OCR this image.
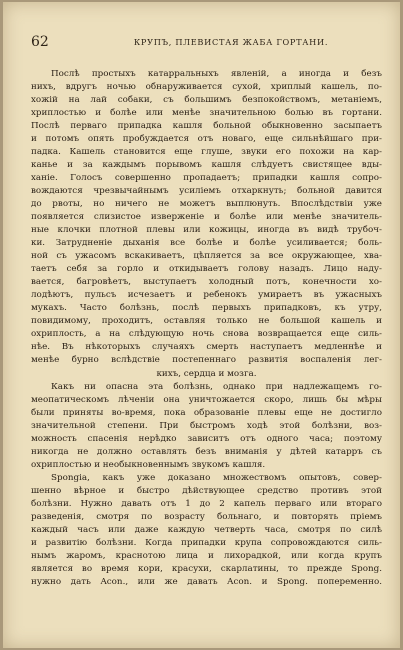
62	КРУПЪ, ПЛЕВИСТАЯ ЖАБА ГОРТАНИ.
Послѣ простыхъ катарральныхъ явленій, а иногда и безъ
нихъ, вдругъ ночью обнаруживается сухой, хриплый кашель, по-
хожій на лай собаки, съ большимъ безпокойствомъ, метаніемъ,
хриплостью и болѣе или менѣе значительною болью въ гортани.
Послѣ перваго припадка кашля больной обыкновенно засыпаетъ
и потомъ опять пробуждается отъ новаго, еще сильнѣйшаго при-
падка. Кашель становится еще глуше, звуки его похожи на кар-
каньe и за каждымъ порывомъ кашля слѣдуетъ свистящее вды-
ханіе. Голосъ совершенно пропадаетъ; припадки кашля сопро-
вождаются чрезвычайнымъ усиліемъ отхаркнуть; больной давится
до рвоты, но ничего не можетъ выплюнуть. Впослѣдствіи уже
появляется слизистое изверженіе и болѣе или менѣе значитель-
ные клочки плотной плевы или кожицы, иногда въ видѣ трубоч-
ки. Затрудненіе дыханія все болѣе и болѣе усиливается; боль-
ной съ ужасомъ вскакиваетъ, цѣпляется за все окружающее, хва-
таетъ себя за горло и откидываетъ голову назадъ. Лицо наду-
вается, багровѣетъ, выступаетъ холодный потъ, конечности хо-
лодѣютъ, пульсъ исчезаетъ и ребенокъ умираетъ въ ужасныхъ
мукахъ. Часто болѣзнь, послѣ первыхъ припадковъ, къ утру,
повидимому, проходитъ, оставляя только не большой кашель и
охриплость, а на слѣдующую ночь снова возвращается еще силь-
нѣе. Въ нѣкоторыхъ случаяхъ смерть наступаетъ медленнѣе и
менѣе бурно вслѣдствіе постепеннаго развитія воспаленія лег-
кихъ, сердца и мозга.
Какъ ни опасна эта болѣзнь, однако при надлежащемъ го-
меопатическомъ лѣченіи она уничтожается скоро, лишь бы мѣры
были приняты во-время, пока образованіе плевы еще не достигло
значительной степени. При быстромъ ходѣ этой болѣзни, воз-
можность спасенія нерѣдко зависитъ отъ одного часа; поэтому
никогда не должно оставлять безъ вниманія у дѣтей катарръ съ
охриплостью и необыкновеннымъ звукомъ кашля.
Spongia, какъ уже доказано множествомъ опытовъ, совер-
шенно вѣрное и быстро дѣйствующее средство противъ этой
болѣзни. Нужно давать отъ 1 до 2 капель перваго или втораго
разведенія, смотря по возрасту больнаго, и повторять пріемъ
каждый часъ или даже каждую четверть часа, смотря по силѣ
и развитію болѣзни. Когда припадки крупа сопровождаются силь-
нымъ жаромъ, краснотою лица и лихорадкой, или когда крупъ
является во время кори, красухи, скарлатины, то прежде Spong.
нужно дать Acon., или же давать Acon. и Spong. попеременно.
